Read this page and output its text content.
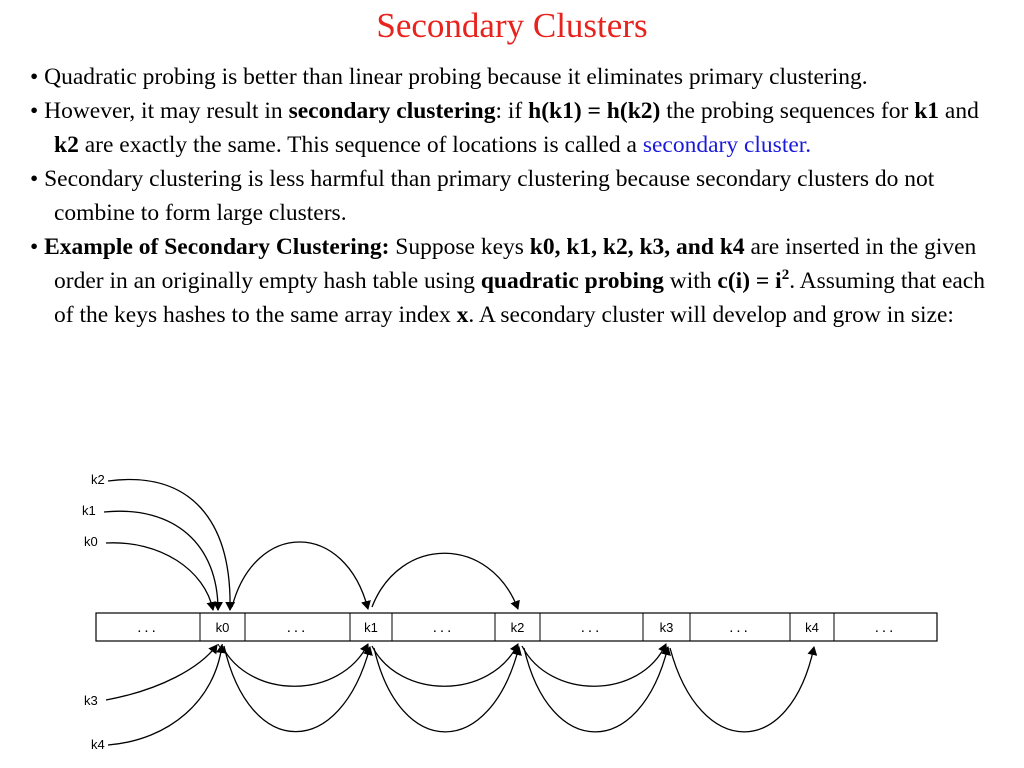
Secondary Clusters
• Quadratic probing is better than linear probing because it eliminates primary clustering.
• However, it may result in secondary clustering: if h(k1) = h(k2) the probing sequences for k1 and k2 are exactly the same. This sequence of locations is called a secondary cluster.
• Secondary clustering is less harmful than primary clustering because secondary clusters do not combine to form large clusters.
• Example of Secondary Clustering: Suppose keys k0, k1, k2, k3, and k4 are inserted in the given order in an originally empty hash table using quadratic probing with $c(i) = i^2$. Assuming that each of the keys hashes to the same array index x. A secondary cluster will develop and grow in size:
...	k0	...	k1	...	k2	...	k3	...	k4	...
x
k2
k1
k0
k3
k4
